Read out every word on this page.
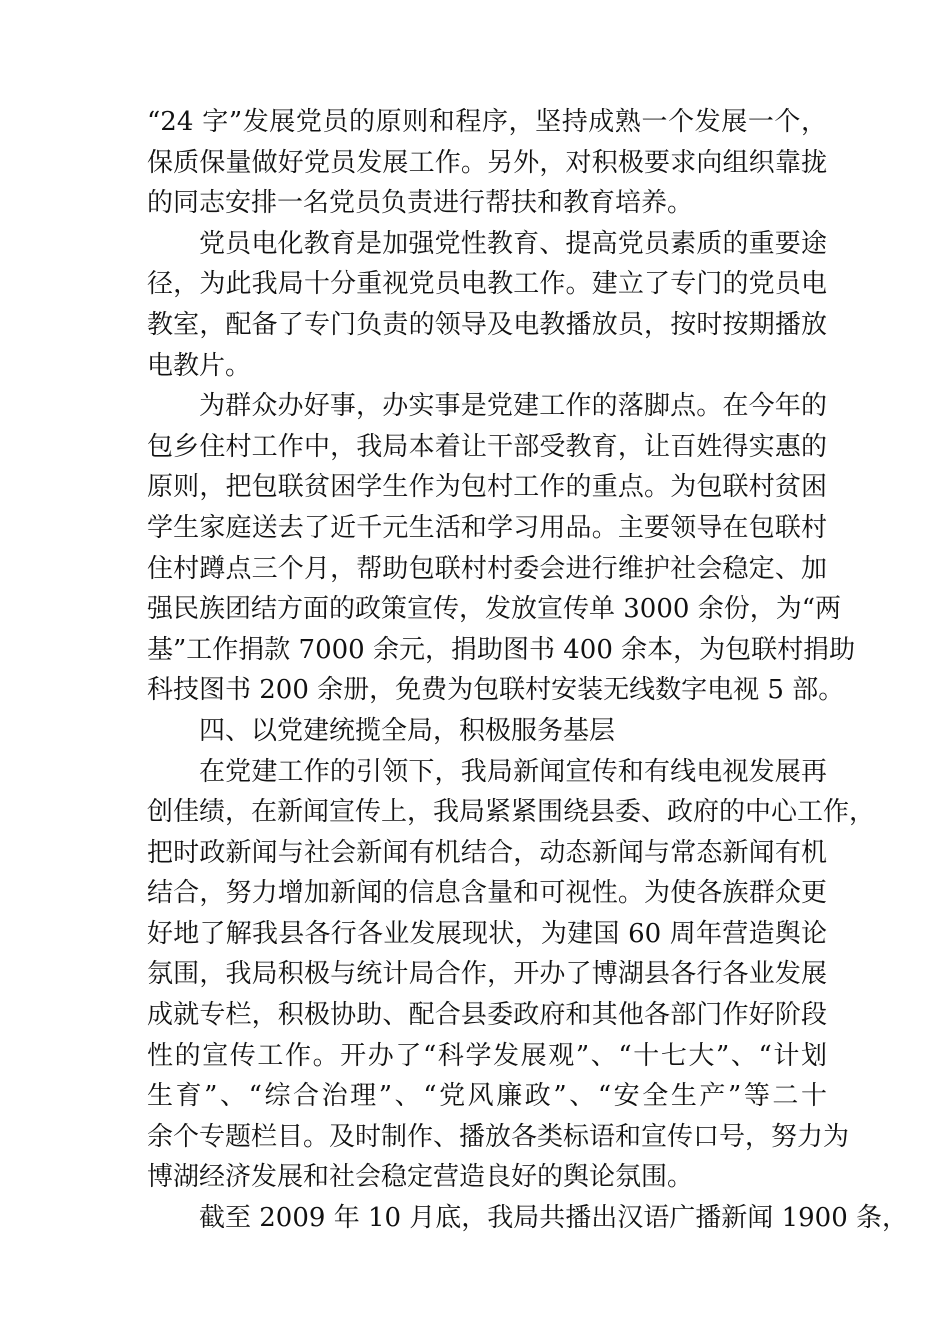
“24 字”发展党员的原则和程序，坚持成熟一个发展一个，
保质保量做好党员发展工作。另外，对积极要求向组织靠拢
的同志安排一名党员负责进行帮扶和教育培养。
党员电化教育是加强党性教育、提高党员素质的重要途
径，为此我局十分重视党员电教工作。建立了专门的党员电
教室，配备了专门负责的领导及电教播放员，按时按期播放
电教片。
为群众办好事，办实事是党建工作的落脚点。在今年的
包乡住村工作中，我局本着让干部受教育，让百姓得实惠的
原则，把包联贫困学生作为包村工作的重点。为包联村贫困
学生家庭送去了近千元生活和学习用品。主要领导在包联村
住村蹲点三个月，帮助包联村村委会进行维护社会稳定、加
强民族团结方面的政策宣传，发放宣传单 3000 余份，为“两
基”工作捐款 7000 余元，捐助图书 400 余本，为包联村捐助
科技图书 200 余册，免费为包联村安装无线数字电视 5 部。
四、以党建统揽全局，积极服务基层
在党建工作的引领下，我局新闻宣传和有线电视发展再
创佳绩，在新闻宣传上，我局紧紧围绕县委、政府的中心工作，
把时政新闻与社会新闻有机结合，动态新闻与常态新闻有机
结合，努力增加新闻的信息含量和可视性。为使各族群众更
好地了解我县各行各业发展现状，为建国 60 周年营造舆论
氛围，我局积极与统计局合作，开办了博湖县各行各业发展
成就专栏，积极协助、配合县委政府和其他各部门作好阶段
性的宣传工作。开办了“科学发展观”、“十七大”、“计划
生育”、“综合治理”、“党风廉政”、“安全生产”等二十
余个专题栏目。及时制作、播放各类标语和宣传口号，努力为
博湖经济发展和社会稳定营造良好的舆论氛围。
截至 2009 年 10 月底，我局共播出汉语广播新闻 1900 条，
